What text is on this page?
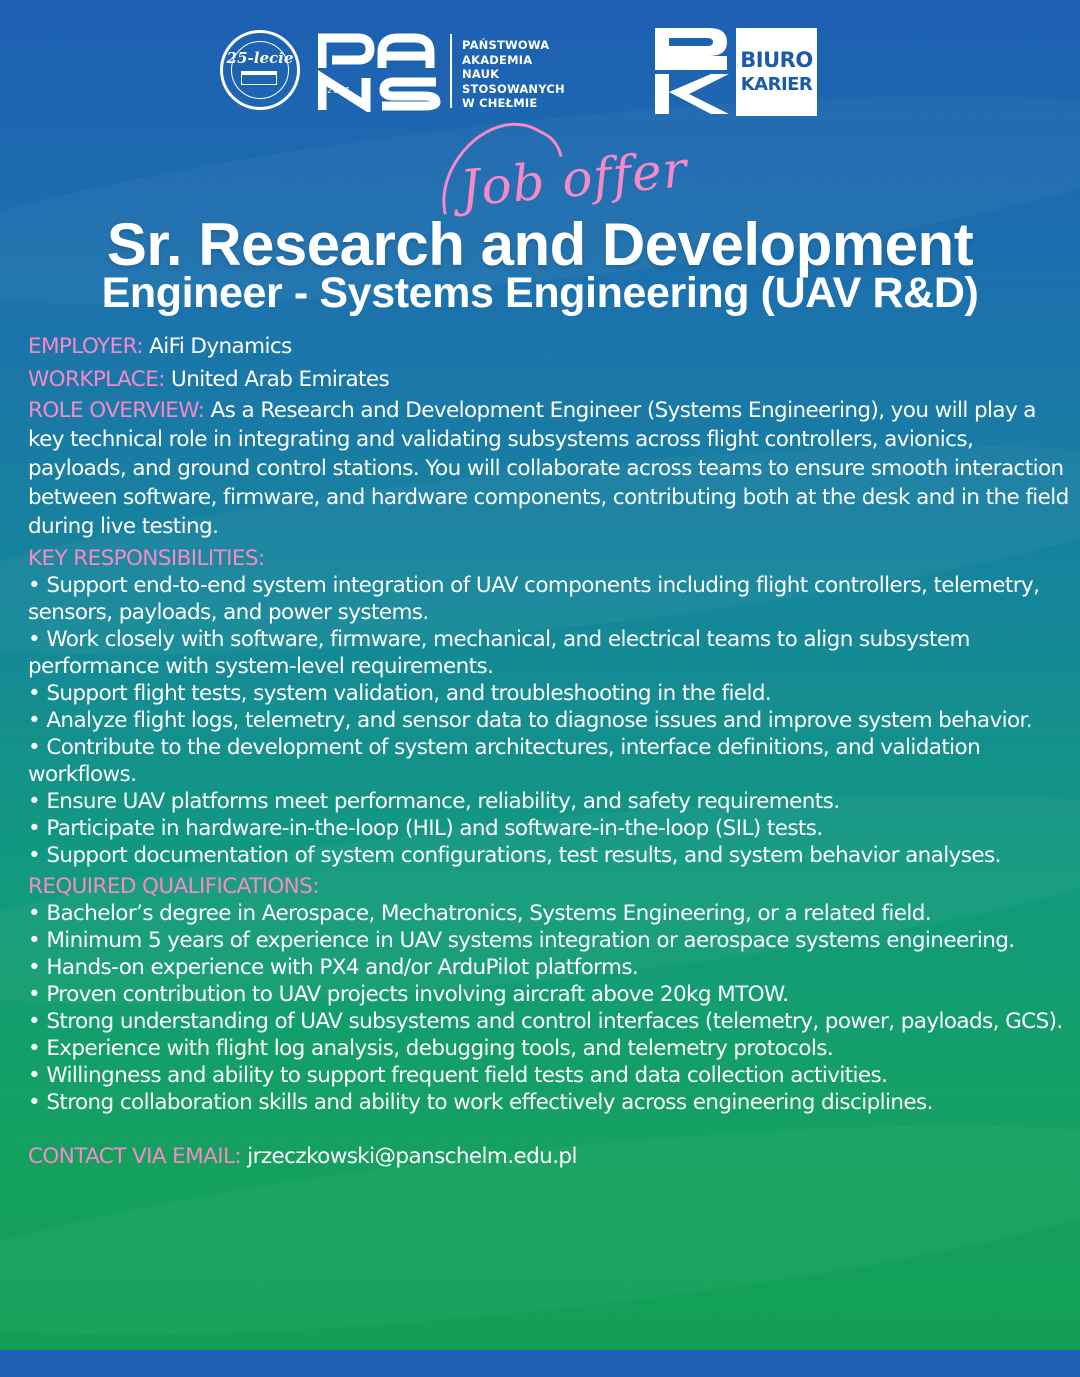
25-lecie
2001
PAŃSTWOWA
AKADEMIA
NAUK
STOSOWANYCH
W CHEŁMIE
BIURO
KARIER
Sr. Research and Development
Engineer - Systems Engineering (UAV R&D)
Job offer
EMPLOYER: AiFi Dynamics
WORKPLACE: United Arab Emirates
ROLE OVERVIEW: As a Research and Development Engineer (Systems Engineering), you will play a key technical role in integrating and validating subsystems across flight controllers, avionics, payloads, and ground control stations. You will collaborate across teams to ensure smooth interaction between software, firmware, and hardware components, contributing both at the desk and in the field during live testing.
KEY RESPONSIBILITIES:
• Support end-to-end system integration of UAV components including flight controllers, telemetry, sensors, payloads, and power systems.
• Work closely with software, firmware, mechanical, and electrical teams to align subsystem performance with system-level requirements.
• Support flight tests, system validation, and troubleshooting in the field.
• Analyze flight logs, telemetry, and sensor data to diagnose issues and improve system behavior.
• Contribute to the development of system architectures, interface definitions, and validation workflows.
• Ensure UAV platforms meet performance, reliability, and safety requirements.
• Participate in hardware-in-the-loop (HIL) and software-in-the-loop (SIL) tests.
• Support documentation of system configurations, test results, and system behavior analyses.
REQUIRED QUALIFICATIONS:
• Bachelor’s degree in Aerospace, Mechatronics, Systems Engineering, or a related field.
• Minimum 5 years of experience in UAV systems integration or aerospace systems engineering.
• Hands-on experience with PX4 and/or ArduPilot platforms.
• Proven contribution to UAV projects involving aircraft above 20kg MTOW.
• Strong understanding of UAV subsystems and control interfaces (telemetry, power, payloads, GCS).
• Experience with flight log analysis, debugging tools, and telemetry protocols.
• Willingness and ability to support frequent field tests and data collection activities.
• Strong collaboration skills and ability to work effectively across engineering disciplines.
CONTACT VIA EMAIL: jrzeczkowski@panschelm.edu.pl
